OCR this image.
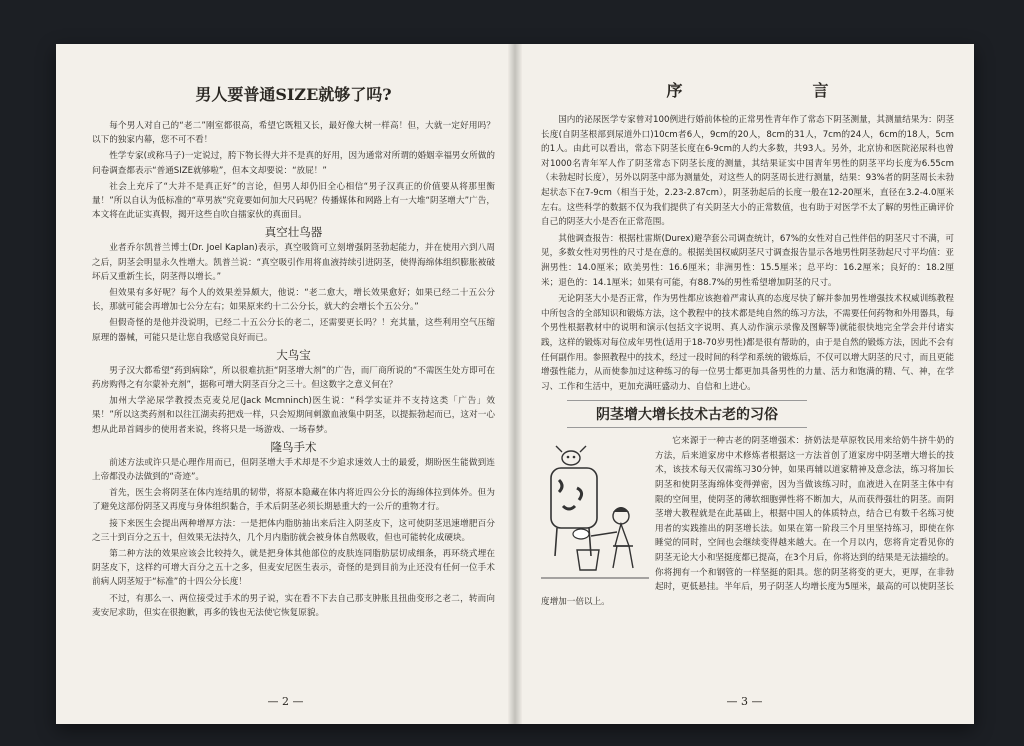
男人要普通SIZE就够了吗?

每个男人对自己的“老二”刚室都很高，希望它既粗又长，最好像大树一样高！但，大就一定好用吗？以下的独家内幕，您不可不看！

性学专家(或称马子)一定说过，胯下物长得大并不是真的好用，因为通常对所谓的婚姻幸福男女所做的问卷调查都表示“普通SIZE就够啦”，但本文却要说：“放屁！”

社会上充斥了“大并不是真正好”的言论，但男人却仍旧全心相信“男子汉真正的价值要从将那里衡量！”所以自认为低标准的“草男族”究竟要如何加大尺码呢？传播媒体和网路上有一大堆“阴茎增大”广告，本文将在此证实真假，揭开这些自吹自擂家伙的真面目。

真空壮鸟器

业者乔尔凯普兰博士(Dr. Joel Kaplan)表示，真空吸筒可立刻增强阴茎勃起能力，并在使用六到八周之后，阴茎会明显永久性增大。凯普兰说：“真空吸引作用将血液持续引进阴茎，使得海绵体组织膨胀被破坏后又重新生长，阴茎得以增长。”

但效果有多好呢？每个人的效果差异颇大，他说：“老二愈大，增长效果愈好；如果已经二十五公分长，那就可能会再增加七公分左右；如果原来约十二公分长，就大约会增长个五公分。”

但假奇怪的是他并没说明，已经二十五公分长的老二，还需要更长吗？！充其量，这些利用空气压缩原理的器械，可能只是让您自我感觉良好而已。

大鸟宝

男子汉大都希望“药到病除”，所以很难抗拒“阴茎增大剂”的广告，而厂商所说的“不需医生处方即可在药房购得之有尔蒙补充剂”，据称可增大阴茎百分之三十。但这数字之意义何在？

加州大学泌尿学教授杰克麦兑尼(Jack Mcmninch)医生说：“科学实证并不支持这类「广告」效果！”所以这类药剂和以往江湖卖药把戏一样，只会短期间刺激血液集中阴茎，以提振勃起而已，这对一心想从此昂首阔步的使用者来说，终将只是一场游戏、一场春梦。

隆鸟手术

前述方法或许只是心理作用而已，但阴茎增大手术却是不少追求速效人士的最爱，期盼医生能做到连上帝都没办法做到的“奇迹”。

首先，医生会将阴茎在体内连结肌的韧带，将原本隐藏在体内将近四公分长的海绵体拉到体外。但为了避免这部份阴茎又再度与身体组织黏合，手术后阴茎必须长期悬重大约一公斤的重物才行。

接下来医生会提出两种增厚方法：一是把体内脂肪抽出来后注入阴茎皮下，这可使阴茎迅速增肥百分之三十到百分之五十，但效果无法持久，几个月内脂肪就会被身体自然吸收，但也可能转化成硬块。

第二种方法的效果应该会比较持久，就是把身体其他部位的皮肤连同脂肪层切成细条，再环绕式埋在阴茎皮下，这样约可增大百分之五十之多，但麦安尼医生表示，奇怪的是到目前为止还没有任何一位手术前病人阴茎短于“标准”的十四公分长度！

不过，有那么一、两位接受过手术的男子说，实在看不下去自己那支肿胀且扭曲变形之老二，转而向麦安尼求助，但实在很抱歉，再多的钱也无法使它恢复原貌。

— 2 —
序	言

国内的泌尿医学专家曾对100例进行婚前体检的正常男性青年作了常态下阴茎测量，其测量结果为：阴茎长度(自阴茎根部到尿道外口)10cm者6人，9cm的20人，8cm的31人，7cm的24人，6cm的18人，5cm的1人。由此可以看出，常态下阴茎长度在6-9cm的人约大多数，共93人。另外，北京协和医院泌尿科也曾对1000名青年军人作了阴茎常态下阴茎长度的测量，其结果证实中国青年男性的阴茎平均长度为6.55cm（未勃起时长度），另外以阴茎中部为测量处，对这些人的阴茎周长进行测量，结果：93%者的阴茎周长未勃起状态下在7-9cm（相当于处，2.23-2.87cm），阴茎勃起后的长度一般在12-20厘米，直径在3.2-4.0厘米左右。这些科学的数据不仅为我们提供了有关阴茎大小的正常数值，也有助于对医学不太了解的男性正确评价自己的阴茎大小是否在正常范围。

其他调查报告：根据杜雷斯(Durex)避孕套公司调查统计，67%的女性对自己性伴侣的阴茎尺寸不满，可见，多数女性对男性的尺寸是在意的。根据美国权威阴茎尺寸调查报告显示各地男性阴茎勃起尺寸平均值：亚洲男性：14.0厘米；欧美男性：16.6厘米；非洲男性：15.5厘米；总平均：16.2厘米；良好的：18.2厘米；退色的：14.1厘米；如果有可能，有88.7%的男性希望增加阴茎的尺寸。

无论阴茎大小是否正常，作为男性都应该抱着严肃认真的态度尽快了解并参加男性增强技术权威训练教程中所包含的全部知识和锻炼方法，这个教程中的技术都是纯自然的练习方法，不需要任何药物和外用器具，每个男性根据教材中的说明和演示(包括文字说明、真人动作演示录像及图解等)就能很快地完全学会并付诸实践，这样的锻炼对每位成年男性(适用于18-70岁男性)都是很有帮助的，由于是自然的锻炼方法，因此不会有任何副作用。参照教程中的技术，经过一段时间的科学和系统的锻炼后，不仅可以增大阴茎的尺寸，而且更能增强性能力，从而使参加过这种练习的每一位男士都更加具备男性的力量、活力和饱满的精、气、神，在学习、工作和生活中，更加充满旺盛动力、自信和上进心。

阴茎增大增长技术古老的习俗

它来源于一种古老的阴茎增强术：挤奶法是草原牧民用来给奶牛挤牛奶的方法，后来道家房中术修炼者根据这一方法首创了道家房中阴茎增大增长的技术，该技术每天仅需练习30分钟，如果再辅以道家精神及意念法，练习将加长阴茎和使阴茎海绵体变得弹密，因为当做该练习时，血液进入在阴茎主体中有限的空间里，使阴茎的薄软细胞弹性将不断加大，从而获得强壮的阴茎。而阴茎增大教程就是在此基础上，根据中国人的体质特点，结合已有数千名练习使用者的实践推出的阴茎增长法。如果在第一阶段三个月里坚持练习，即使在你睡觉的同时，空间也会继续变得越来越大。在一个月以内，您将肯定看见你的阴茎无论大小和坚挺度都已提高，在3个月后，你将达到的结果是无法描绘的。你将拥有一个和钢管的一样坚挺的阳具。您的阴茎将变的更大，更厚，在非勃起时，更低悬挂。半年后，男子阴茎人均增长度为5厘米，最高的可以使阴茎长度增加一倍以上。

— 3 —
